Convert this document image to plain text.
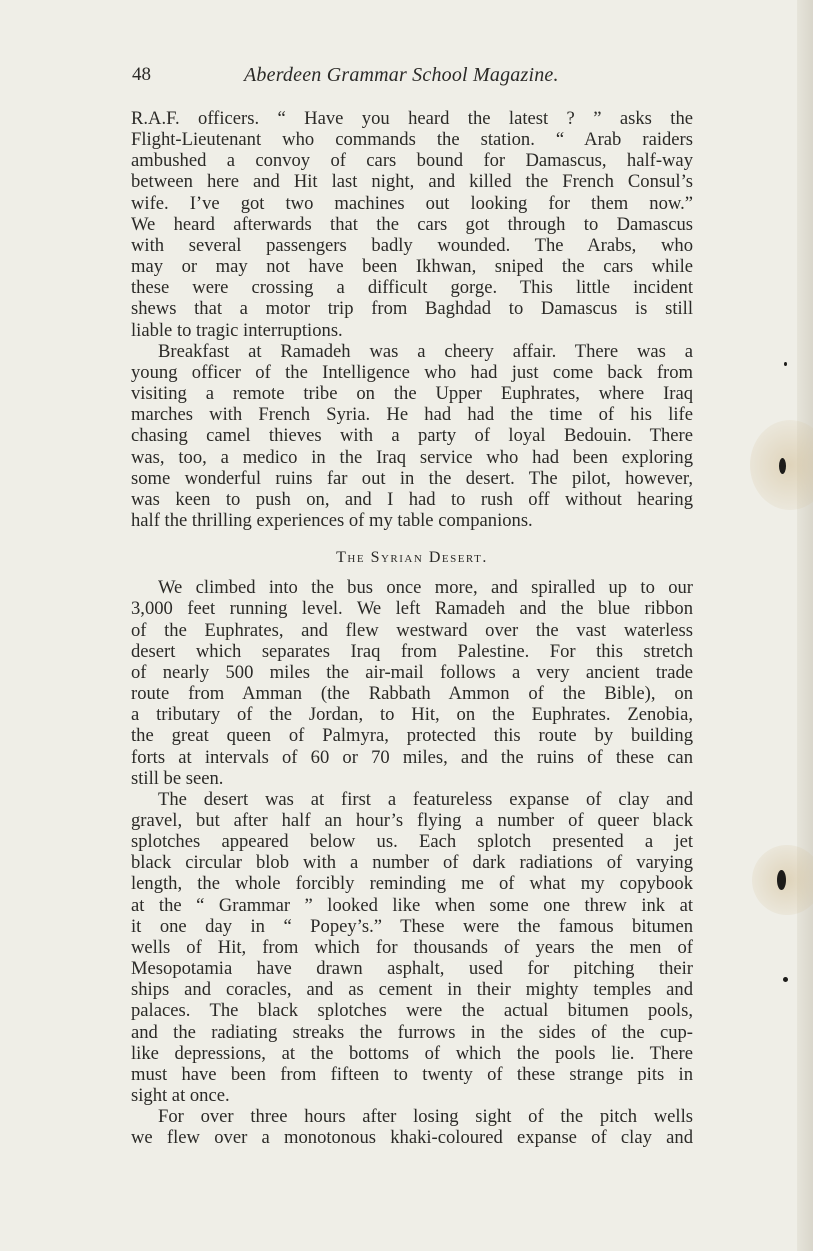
48	Aberdeen Grammar School Magazine.

R.A.F. officers. “ Have you heard the latest ? ” asks the
Flight-Lieutenant who commands the station. “ Arab raiders
ambushed a convoy of cars bound for Damascus, half-way
between here and Hit last night, and killed the French Consul’s
wife. I’ve got two machines out looking for them now.”
We heard afterwards that the cars got through to Damascus
with several passengers badly wounded. The Arabs, who
may or may not have been Ikhwan, sniped the cars while
these were crossing a difficult gorge. This little incident
shews that a motor trip from Baghdad to Damascus is still
liable to tragic interruptions.

Breakfast at Ramadeh was a cheery affair. There was a
young officer of the Intelligence who had just come back from
visiting a remote tribe on the Upper Euphrates, where Iraq
marches with French Syria. He had had the time of his life
chasing camel thieves with a party of loyal Bedouin. There
was, too, a medico in the Iraq service who had been exploring
some wonderful ruins far out in the desert. The pilot, however,
was keen to push on, and I had to rush off without hearing
half the thrilling experiences of my table companions.

The Syrian Desert.

We climbed into the bus once more, and spiralled up to our
3,000 feet running level. We left Ramadeh and the blue ribbon
of the Euphrates, and flew westward over the vast waterless
desert which separates Iraq from Palestine. For this stretch
of nearly 500 miles the air-mail follows a very ancient trade
route from Amman (the Rabbath Ammon of the Bible), on
a tributary of the Jordan, to Hit, on the Euphrates. Zenobia,
the great queen of Palmyra, protected this route by building
forts at intervals of 60 or 70 miles, and the ruins of these can
still be seen.

The desert was at first a featureless expanse of clay and
gravel, but after half an hour’s flying a number of queer black
splotches appeared below us. Each splotch presented a jet
black circular blob with a number of dark radiations of varying
length, the whole forcibly reminding me of what my copybook
at the “ Grammar ” looked like when some one threw ink at
it one day in “ Popey’s.” These were the famous bitumen
wells of Hit, from which for thousands of years the men of
Mesopotamia have drawn asphalt, used for pitching their
ships and coracles, and as cement in their mighty temples and
palaces. The black splotches were the actual bitumen pools,
and the radiating streaks the furrows in the sides of the cup-
like depressions, at the bottoms of which the pools lie. There
must have been from fifteen to twenty of these strange pits in
sight at once.

For over three hours after losing sight of the pitch wells
we flew over a monotonous khaki-coloured expanse of clay and
